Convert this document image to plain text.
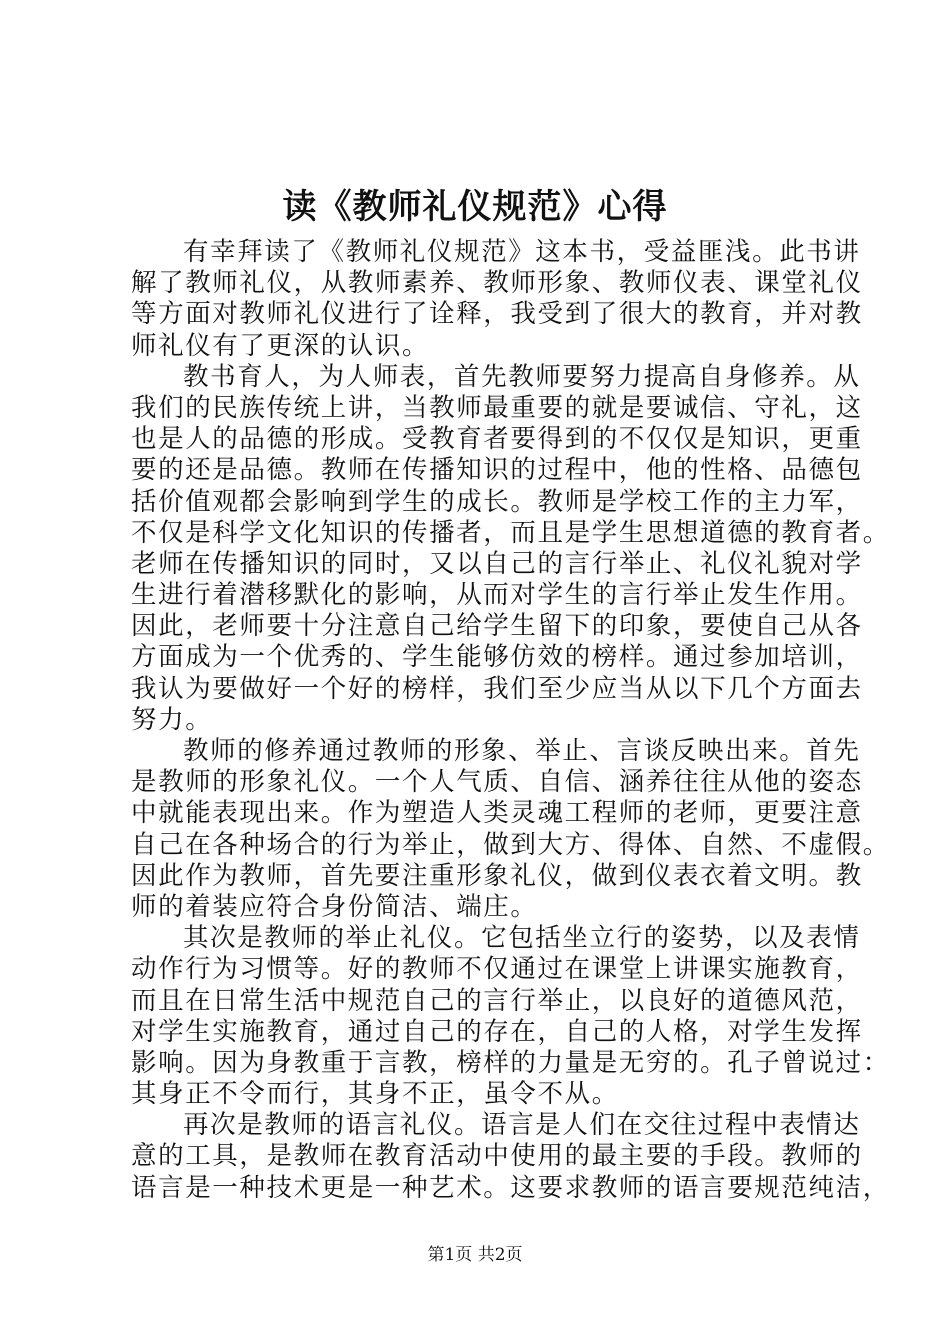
读《教师礼仪规范》心得
有幸拜读了《教师礼仪规范》这本书，受益匪浅。此书讲
解了教师礼仪，从教师素养、教师形象、教师仪表、课堂礼仪
等方面对教师礼仪进行了诠释，我受到了很大的教育，并对教
师礼仪有了更深的认识。
教书育人，为人师表，首先教师要努力提高自身修养。从
我们的民族传统上讲，当教师最重要的就是要诚信、守礼，这
也是人的品德的形成。受教育者要得到的不仅仅是知识，更重
要的还是品德。教师在传播知识的过程中，他的性格、品德包
括价值观都会影响到学生的成长。教师是学校工作的主力军，
不仅是科学文化知识的传播者，而且是学生思想道德的教育者。
老师在传播知识的同时，又以自己的言行举止、礼仪礼貌对学
生进行着潜移默化的影响，从而对学生的言行举止发生作用。
因此，老师要十分注意自己给学生留下的印象，要使自己从各
方面成为一个优秀的、学生能够仿效的榜样。通过参加培训，
我认为要做好一个好的榜样，我们至少应当从以下几个方面去
努力。
教师的修养通过教师的形象、举止、言谈反映出来。首先
是教师的形象礼仪。一个人气质、自信、涵养往往从他的姿态
中就能表现出来。作为塑造人类灵魂工程师的老师，更要注意
自己在各种场合的行为举止，做到大方、得体、自然、不虚假。
因此作为教师，首先要注重形象礼仪，做到仪表衣着文明。教
师的着装应符合身份简洁、端庄。
其次是教师的举止礼仪。它包括坐立行的姿势，以及表情
动作行为习惯等。好的教师不仅通过在课堂上讲课实施教育，
而且在日常生活中规范自己的言行举止，以良好的道德风范，
对学生实施教育，通过自己的存在，自己的人格，对学生发挥
影响。因为身教重于言教，榜样的力量是无穷的。孔子曾说过：
其身正不令而行，其身不正，虽令不从。
再次是教师的语言礼仪。语言是人们在交往过程中表情达
意的工具，是教师在教育活动中使用的最主要的手段。教师的
语言是一种技术更是一种艺术。这要求教师的语言要规范纯洁，
第1页 共2页
